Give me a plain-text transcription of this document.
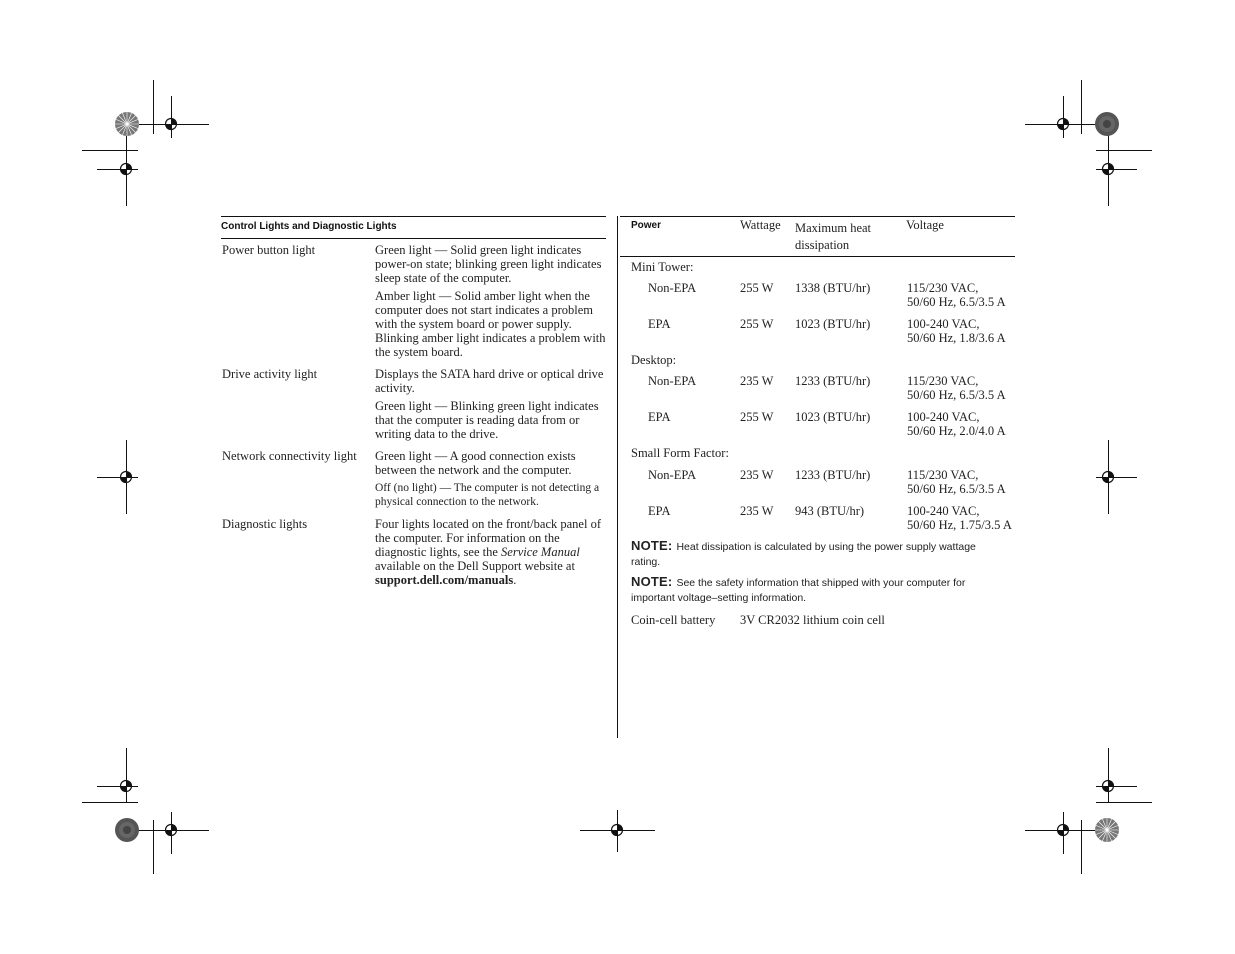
Control Lights and Diagnostic Lights
Power button light	Green light — Solid green light indicates power-on state; blinking green light indicates sleep state of the computer.

Amber light — Solid amber light when the computer does not start indicates a problem with the system board or power supply. Blinking amber light indicates a problem with the system board.

Drive activity light	Displays the SATA hard drive or optical drive activity.

Green light — Blinking green light indicates that the computer is reading data from or writing data to the drive.

Network connectivity light	Green light — A good connection exists between the network and the computer.

Off (no light) — The computer is not detecting a physical connection to the network.

Diagnostic lights	Four lights located on the front/back panel of the computer. For information on the diagnostic lights, see the Service Manual available on the Dell Support website at support.dell.com/manuals.

Power	Wattage Maximum heat dissipation
Voltage
Mini Tower:
Non-EPA	255 W 1338 (BTU/hr)	115/230 VAC,
50/60 Hz, 6.5/3.5 A
EPA	255 W 1023 (BTU/hr)	100-240 VAC,
50/60 Hz, 1.8/3.6 A
Desktop:
Non-EPA	235 W 1233 (BTU/hr)	115/230 VAC,
50/60 Hz, 6.5/3.5 A
EPA	255 W 1023 (BTU/hr)	100-240 VAC,
50/60 Hz, 2.0/4.0 A
Small Form Factor:
Non-EPA	235 W 1233 (BTU/hr)	115/230 VAC,
50/60 Hz, 6.5/3.5 A
EPA	235 W 943 (BTU/hr)	100-240 VAC,
50/60 Hz, 1.75/3.5 A
NOTE: Heat dissipation is calculated by using the power supply wattage rating.
NOTE: See the safety information that shipped with your computer for important voltage–setting information.
Coin-cell battery 3V CR2032 lithium coin cell
